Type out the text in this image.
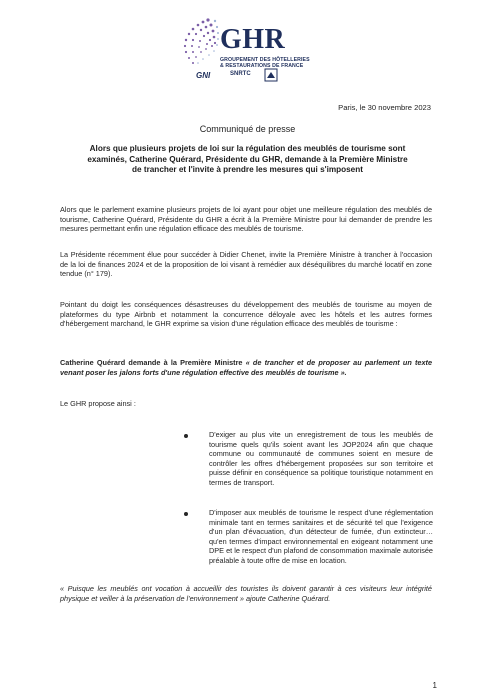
GHR
GROUPEMENT DES HÔTELLERIES
& RESTAURATIONS DE FRANCE
GNI	SNRTC
Paris, le 30 novembre 2023
Communiqué de presse
Alors que plusieurs projets de loi sur la régulation des meublés de tourisme sont examinés, Catherine Quérard, Présidente du GHR, demande à la Première Ministre de trancher et l'invite à prendre les mesures qui s'imposent
Alors que le parlement examine plusieurs projets de loi ayant pour objet une meilleure régulation des meublés de tourisme, Catherine Quérard, Présidente du GHR a écrit à la Première Ministre pour lui demander de prendre les mesures permettant enfin une régulation efficace des meublés de tourisme.
La Présidente récemment élue pour succéder à Didier Chenet, invite la Première Ministre à trancher à l'occasion de la loi de finances 2024 et de la proposition de loi visant à remédier aux déséquilibres du marché locatif en zone tendue (n° 179).
Pointant du doigt les conséquences désastreuses du développement des meublés de tourisme au moyen de plateformes du type Airbnb et notamment la concurrence déloyale avec les hôtels et les autres formes d'hébergement marchand, le GHR exprime sa vision d'une régulation efficace des meublés de tourisme :
Catherine Quérard demande à la Première Ministre « de trancher et de proposer au parlement un texte venant poser les jalons forts d'une régulation effective des meublés de tourisme ».
Le GHR propose ainsi :
D'exiger au plus vite un enregistrement de tous les meublés de tourisme quels qu'ils soient avant les JOP2024 afin que chaque commune ou communauté de communes soient en mesure de contrôler les offres d'hébergement proposées sur son territoire et puisse définir en conséquence sa politique touristique notamment en termes de transport.
D'imposer aux meublés de tourisme le respect d'une réglementation minimale tant en termes sanitaires et de sécurité tel que l'exigence d'un plan d'évacuation, d'un détecteur de fumée, d'un extincteur… qu'en termes d'impact environnemental en exigeant notamment une DPE et le respect d'un plafond de consommation maximale autorisée préalable à toute offre de mise en location.
« Puisque les meublés ont vocation à accueillir des touristes ils doivent garantir à ces visiteurs leur intégrité physique et veiller à la préservation de l'environnement » ajoute Catherine Quérard.
1
